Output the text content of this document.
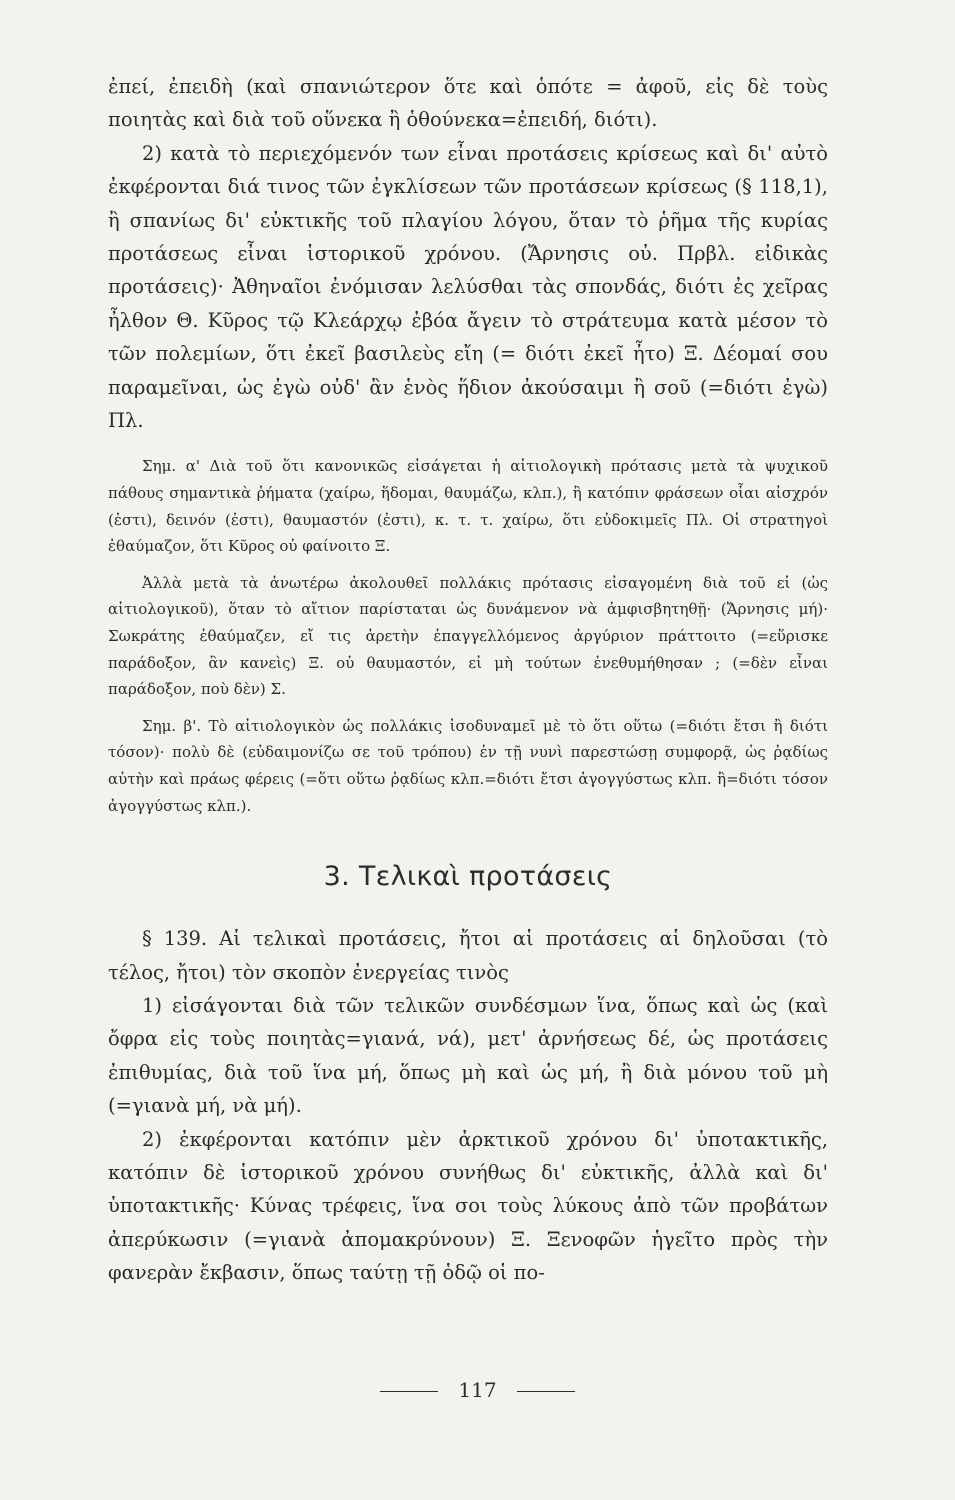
ἐπεί, ἐπειδὴ (καὶ σπανιώτερον ὅτε καὶ ὁπότε = ἀφοῦ, εἰς δὲ τοὺς ποιητὰς καὶ διὰ τοῦ οὕνεκα ἢ ὁθούνεκα=ἐπειδή, διότι).

2) κατὰ τὸ περιεχόμενόν των εἶναι προτάσεις κρίσεως καὶ δι' αὐτὸ ἐκφέρονται διά τινος τῶν ἐγκλίσεων τῶν προτάσεων κρίσεως (§ 118,1), ἢ σπανίως δι' εὐκτικῆς τοῦ πλαγίου λόγου, ὅταν τὸ ῥῆμα τῆς κυρίας προτάσεως εἶναι ἱστορικοῦ χρόνου. (Ἄρνησις οὐ. Πρβλ. εἰδικὰς προτάσεις)· Ἀθηναῖοι ἐνόμισαν λελύσθαι τὰς σπονδάς, διότι ἐς χεῖρας ἦλθον Θ. Κῦρος τῷ Κλεάρχῳ ἐβόα ἄγειν τὸ στράτευμα κατὰ μέσον τὸ τῶν πολεμίων, ὅτι ἐκεῖ βασιλεὺς εἴη (= διότι ἐκεῖ ἦτο) Ξ. Δέομαί σου παραμεῖναι, ὡς ἐγὼ οὐδ' ἂν ἑνὸς ἥδιον ἀκούσαιμι ἢ σοῦ (=διότι ἐγὼ) Πλ.

Σημ. α' Διὰ τοῦ ὅτι κανονικῶς εἰσάγεται ἡ αἰτιολογικὴ πρότασις μετὰ τὰ ψυχικοῦ πάθους σημαντικὰ ῥήματα (χαίρω, ἥδομαι, θαυμάζω, κλπ.), ἢ κατόπιν φράσεων οἷαι αἰσχρόν (ἐστι), δεινόν (ἐστι), θαυμαστόν (ἐστι), κ. τ. τ. χαίρω, ὅτι εὐδοκιμεῖς Πλ. Οἱ στρατηγοὶ ἐθαύμαζον, ὅτι Κῦρος οὐ φαίνοιτο Ξ.

Ἀλλὰ μετὰ τὰ ἀνωτέρω ἀκολουθεῖ πολλάκις πρότασις εἰσαγομένη διὰ τοῦ εἰ (ὡς αἰτιολογικοῦ), ὅταν τὸ αἴτιον παρίσταται ὡς δυνάμενον νὰ ἀμφισβητηθῇ· (Ἄρνησις μή)· Σωκράτης ἐθαύμαζεν, εἴ τις ἀρετὴν ἐπαγγελλόμενος ἀργύριον πράττοιτο (=εὕρισκε παράδοξον, ἂν κανεὶς) Ξ. οὐ θαυμαστόν, εἰ μὴ τούτων ἐνεθυμήθησαν ; (=δὲν εἶναι παράδοξον, ποὺ δὲν) Σ.

Σημ. β'. Τὸ αἰτιολογικὸν ὡς πολλάκις ἰσοδυναμεῖ μὲ τὸ ὅτι οὕτω (=διότι ἔτσι ἢ διότι τόσον)· πολὺ δὲ (εὐδαιμονίζω σε τοῦ τρόπου) ἐν τῇ νυνὶ παρεστώσῃ συμφορᾷ, ὡς ῥᾳδίως αὐτὴν καὶ πράως φέρεις (=ὅτι οὕτω ῥᾳδίως κλπ.=διότι ἔτσι ἀγογγύστως κλπ. ἢ=διότι τόσον ἀγογγύστως κλπ.).

3. Τελικαὶ προτάσεις

§ 139. Αἱ τελικαὶ προτάσεις, ἤτοι αἱ προτάσεις αἱ δηλοῦσαι (τὸ τέλος, ἤτοι) τὸν σκοπὸν ἐνεργείας τινὸς

1) εἰσάγονται διὰ τῶν τελικῶν συνδέσμων ἵνα, ὅπως καὶ ὡς (καὶ ὄφρα εἰς τοὺς ποιητὰς=γιανά, νά), μετ' ἀρνήσεως δέ, ὡς προτάσεις ἐπιθυμίας, διὰ τοῦ ἵνα μή, ὅπως μὴ καὶ ὡς μή, ἢ διὰ μόνου τοῦ μὴ (=γιανὰ μή, νὰ μή).

2) ἐκφέρονται κατόπιν μὲν ἀρκτικοῦ χρόνου δι' ὑποτακτικῆς, κατόπιν δὲ ἱστορικοῦ χρόνου συνήθως δι' εὐκτικῆς, ἀλλὰ καὶ δι' ὑποτακτικῆς· Κύνας τρέφεις, ἵνα σοι τοὺς λύκους ἀπὸ τῶν προβάτων ἀπερύκωσιν (=γιανὰ ἀπομακρύνουν) Ξ. Ξενοφῶν ἡγεῖτο πρὸς τὴν φανερὰν ἔκβασιν, ὅπως ταύτῃ τῇ ὁδῷ οἱ πο-

117
